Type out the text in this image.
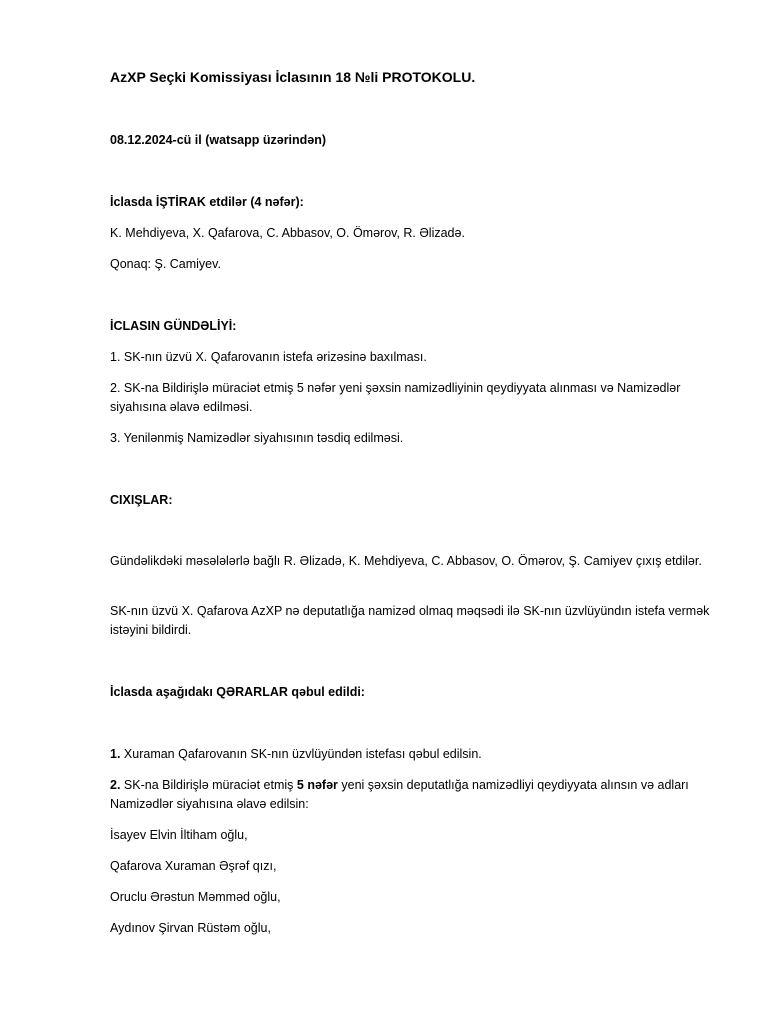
AzXP Seçki Komissiyası İclasının 18 №li PROTOKOLU.
08.12.2024-cü il (watsapp üzərindən)
İclasda İŞTİRAK etdilər (4 nəfər):
K. Mehdiyeva, X. Qafarova, C. Abbasov, O. Ömərov, R. Əlizadə.
Qonaq: Ş. Camiyev.
İCLASIN GÜNDƏLİYİ:
1. SK-nın üzvü X. Qafarovanın istefa ərizəsinə baxılması.
2. SK-na Bildirişlə müraciət etmiş 5 nəfər yeni şəxsin namizədliyinin qeydiyyata alınması və Namizədlər siyahısına əlavə edilməsi.
3. Yenilənmiş Namizədlər siyahısının təsdiq edilməsi.
CIXIŞLAR:
Gündəlikdəki məsələlərlə bağlı R. Əlizadə, K. Mehdiyeva, C. Abbasov, O. Ömərov, Ş. Camiyev çıxış etdilər.
SK-nın üzvü X. Qafarova AzXP nə deputatlığa namizəd olmaq məqsədi ilə SK-nın üzvlüyündın istefa vermək istəyini bildirdi.
İclasda aşağıdakı QƏRARLAR qəbul edildi:
1. Xuraman Qafarovanın SK-nın üzvlüyündən istefası qəbul edilsin.
2. SK-na Bildirişlə müraciət etmiş 5 nəfər yeni şəxsin deputatlığa namizədliyi qeydiyyata alınsın və adları Namizədlər siyahısına əlavə edilsin:
İsayev Elvin İltiham oğlu,
Qafarova Xuraman Əşrəf qızı,
Oruclu Ərəstun Məmməd oğlu,
Aydınov Şirvan Rüstəm oğlu,
